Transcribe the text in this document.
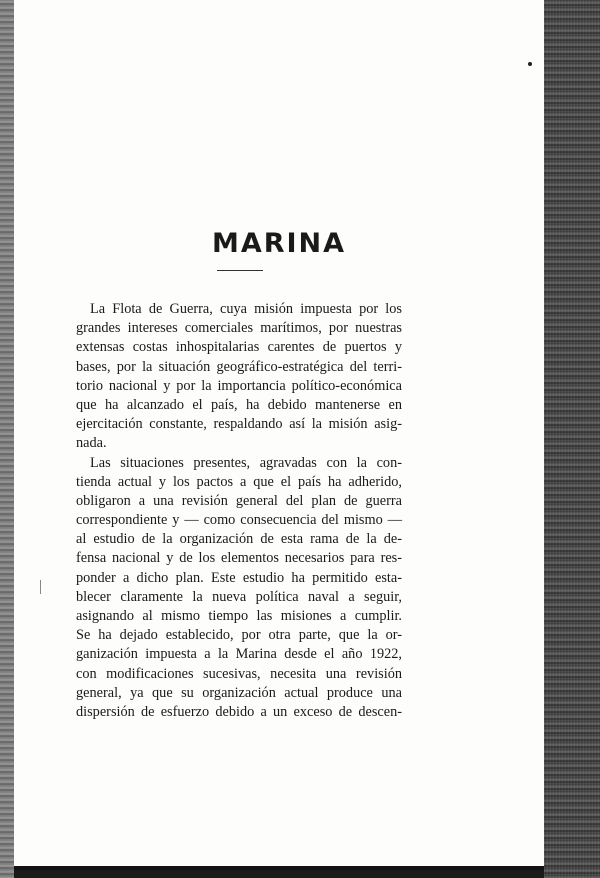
MARINA
La Flota de Guerra, cuya misión impuesta por los
grandes intereses comerciales marítimos, por nuestras
extensas costas inhospitalarias carentes de puertos y
bases, por la situación geográfico-estratégica del terri-
torio nacional y por la importancia político-económica
que ha alcanzado el país, ha debido mantenerse en
ejercitación constante, respaldando así la misión asig-
nada.
Las situaciones presentes, agravadas con la con-
tienda actual y los pactos a que el país ha adherido,
obligaron a una revisión general del plan de guerra
correspondiente y — como consecuencia del mismo —
al estudio de la organización de esta rama de la de-
fensa nacional y de los elementos necesarios para res-
ponder a dicho plan. Este estudio ha permitido esta-
blecer claramente la nueva política naval a seguir,
asignando al mismo tiempo las misiones a cumplir.
Se ha dejado establecido, por otra parte, que la or-
ganización impuesta a la Marina desde el año 1922,
con modificaciones sucesivas, necesita una revisión
general, ya que su organización actual produce una
dispersión de esfuerzo debido a un exceso de descen-
